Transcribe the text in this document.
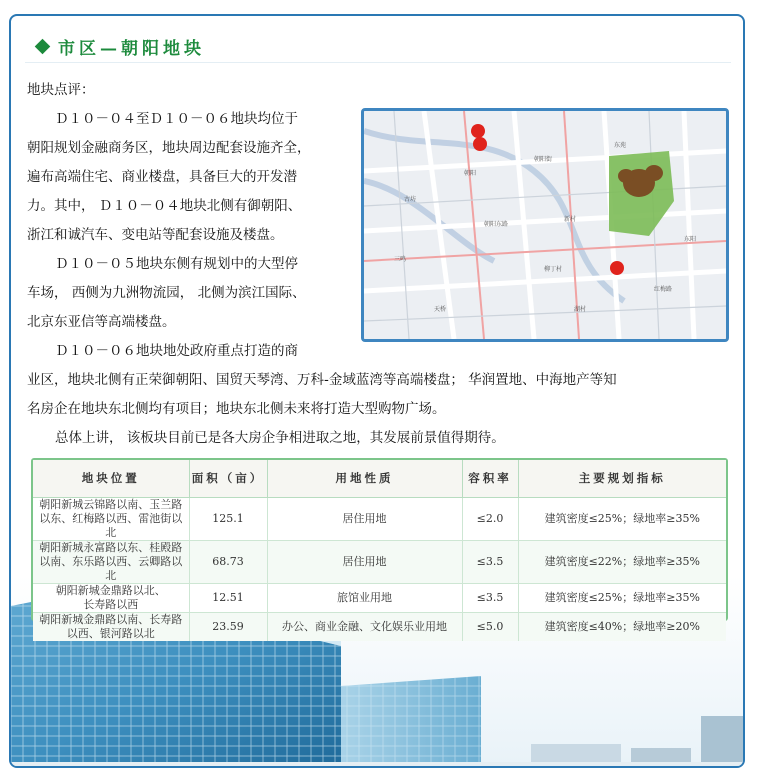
市区—朝阳地块

地块点评：

Ｄ１０－０４至Ｄ１０－０６地块均位于

朝阳规划金融商务区，地块周边配套设施齐全，

遍布高端住宅、商业楼盘，具备巨大的开发潜

力。其中， Ｄ１０－０４地块北侧有御朝阳、

浙江和诚汽车、变电站等配套设施及楼盘。

Ｄ１０－０５地块东侧有规划中的大型停

车场， 西侧为九洲物流园， 北侧为滨江国际、

北京东亚信等高端楼盘。

Ｄ１０－０６地块地处政府重点打造的商

业区，地块北侧有正荣御朝阳、国贸天琴湾、万科-金域蓝湾等高端楼盘； 华润置地、中海地产等知

名房企在地块东北侧均有项目；地块东北侧未来将打造大型购物广场。

总体上讲， 该板块目前已是各大房企争相进取之地，其发展前景值得期待。

朝阳
东苑
古坊
新村
柳丁村
东阳
三鸣
天桥	湖村
朝阳街
朝阳东路
红梅路
地块位置	面积（亩）	用地性质	容积率	主要规划指标

朝阳新城云锦路以南、玉兰路
以东、红梅路以西、雷池街以北	125.1	居住用地	≤2.0	建筑密度≤25%；绿地率≥35%

朝阳新城永富路以东、桂殿路
以南、东乐路以西、云卿路以北	68.73	居住用地	≤3.5	建筑密度≤22%；绿地率≥35%

朝阳新城金鼎路以北、
长寿路以西	12.51	旅馆业用地	≤3.5	建筑密度≤25%；绿地率≥35%

朝阳新城金鼎路以南、长寿路
以西、银河路以北	23.59	办公、商业金融、文化娱乐业用地	≤5.0	建筑密度≤40%；绿地率≥20%
